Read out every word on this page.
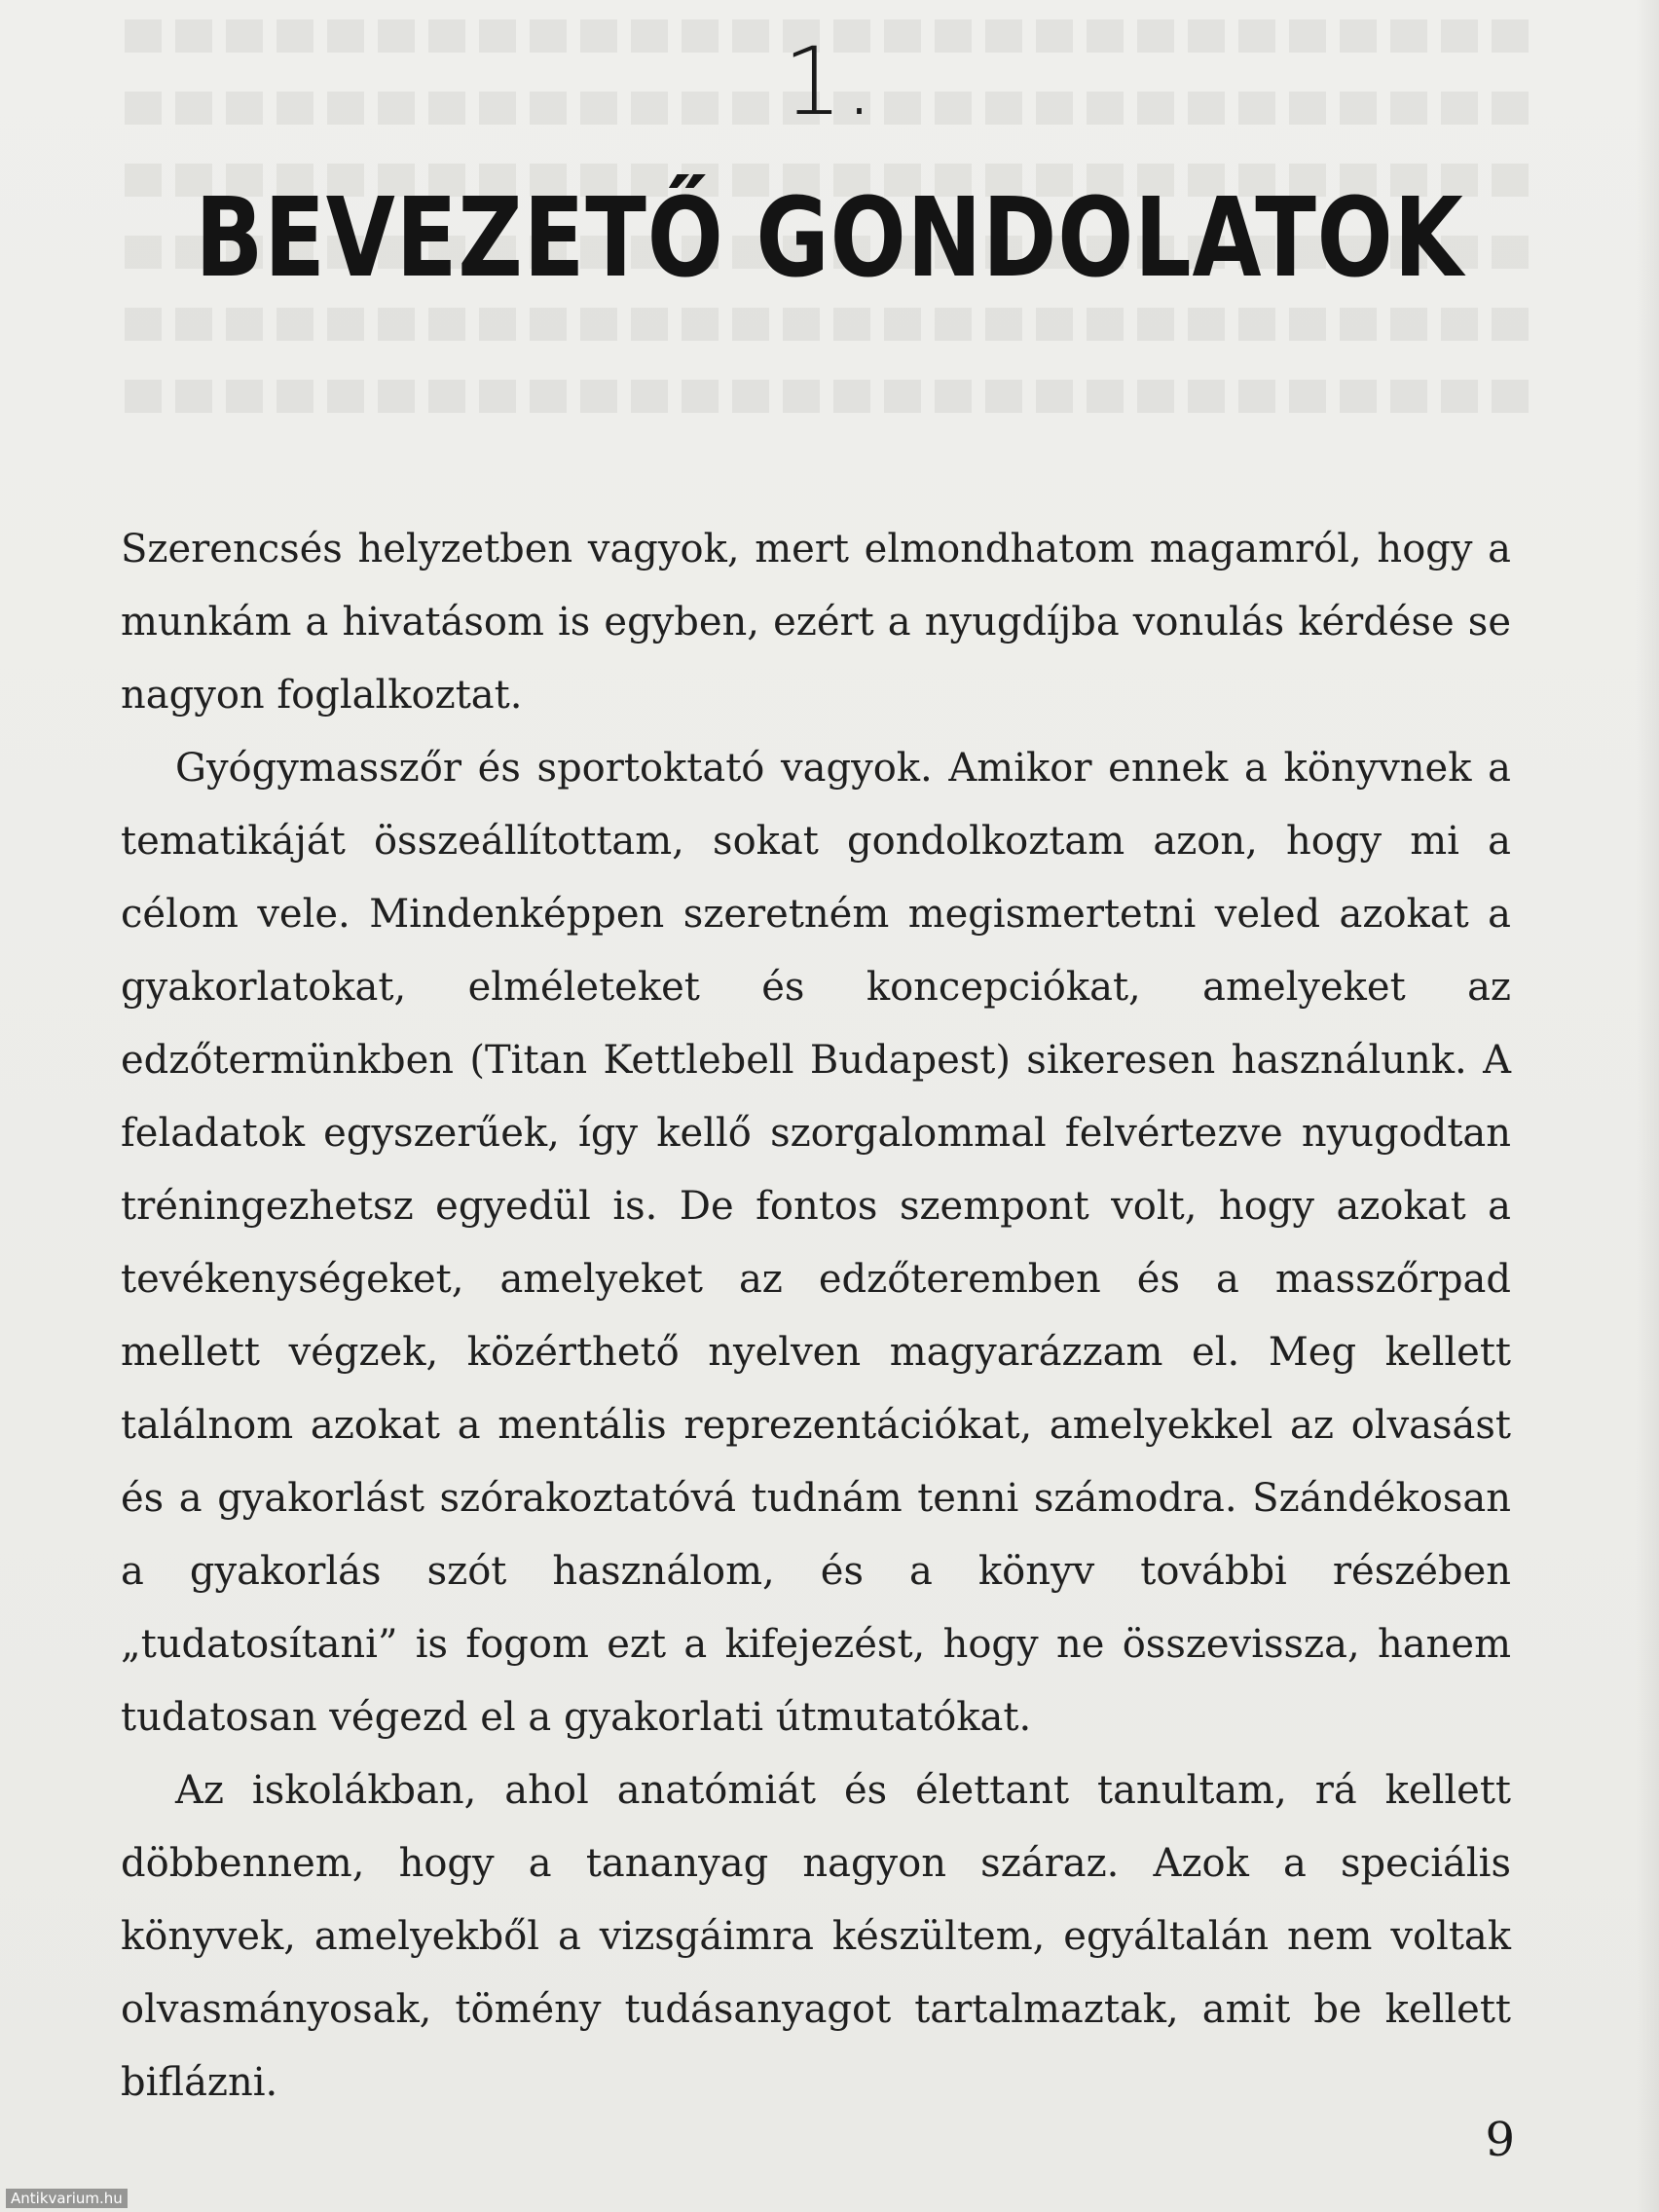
1.
BEVEZETŐ GONDOLATOK

Szerencsés helyzetben vagyok, mert elmondhatom magamról, hogy a munkám a hivatásom is egyben, ezért a nyugdíjba vonulás kérdése se nagyon foglalkoztat.

Gyógymasszőr és sportoktató vagyok. Amikor ennek a könyvnek a tematikáját összeállítottam, sokat gondolkoztam azon, hogy mi a célom vele. Mindenképpen szeretném megismertetni veled azokat a gyakorlatokat, elméleteket és koncepciókat, amelyeket az edzőtermünkben (Titan Kettlebell Budapest) sikeresen használunk. A feladatok egyszerűek, így kellő szorgalommal felvértezve nyugodtan tréningezhetsz egyedül is. De fontos szempont volt, hogy azokat a tevékenységeket, amelyeket az edzőteremben és a masszőrpad mellett végzek, közérthető nyelven magyarázzam el. Meg kellett találnom azokat a mentális reprezentációkat, amelyekkel az olvasást és a gyakorlást szórakoztatóvá tudnám tenni számodra. Szándékosan a gyakorlás szót használom, és a könyv további részében „tudatosítani” is fogom ezt a kifejezést, hogy ne összevissza, hanem tudatosan végezd el a gyakorlati útmutatókat.

Az iskolákban, ahol anatómiát és élettant tanultam, rá kellett döbbennem, hogy a tananyag nagyon száraz. Azok a speciális könyvek, amelyekből a vizsgáimra készültem, egyáltalán nem voltak olvasmányosak, tömény tudásanyagot tartalmaztak, amit be kellett biflázni.

9
Antikvarium.hu
